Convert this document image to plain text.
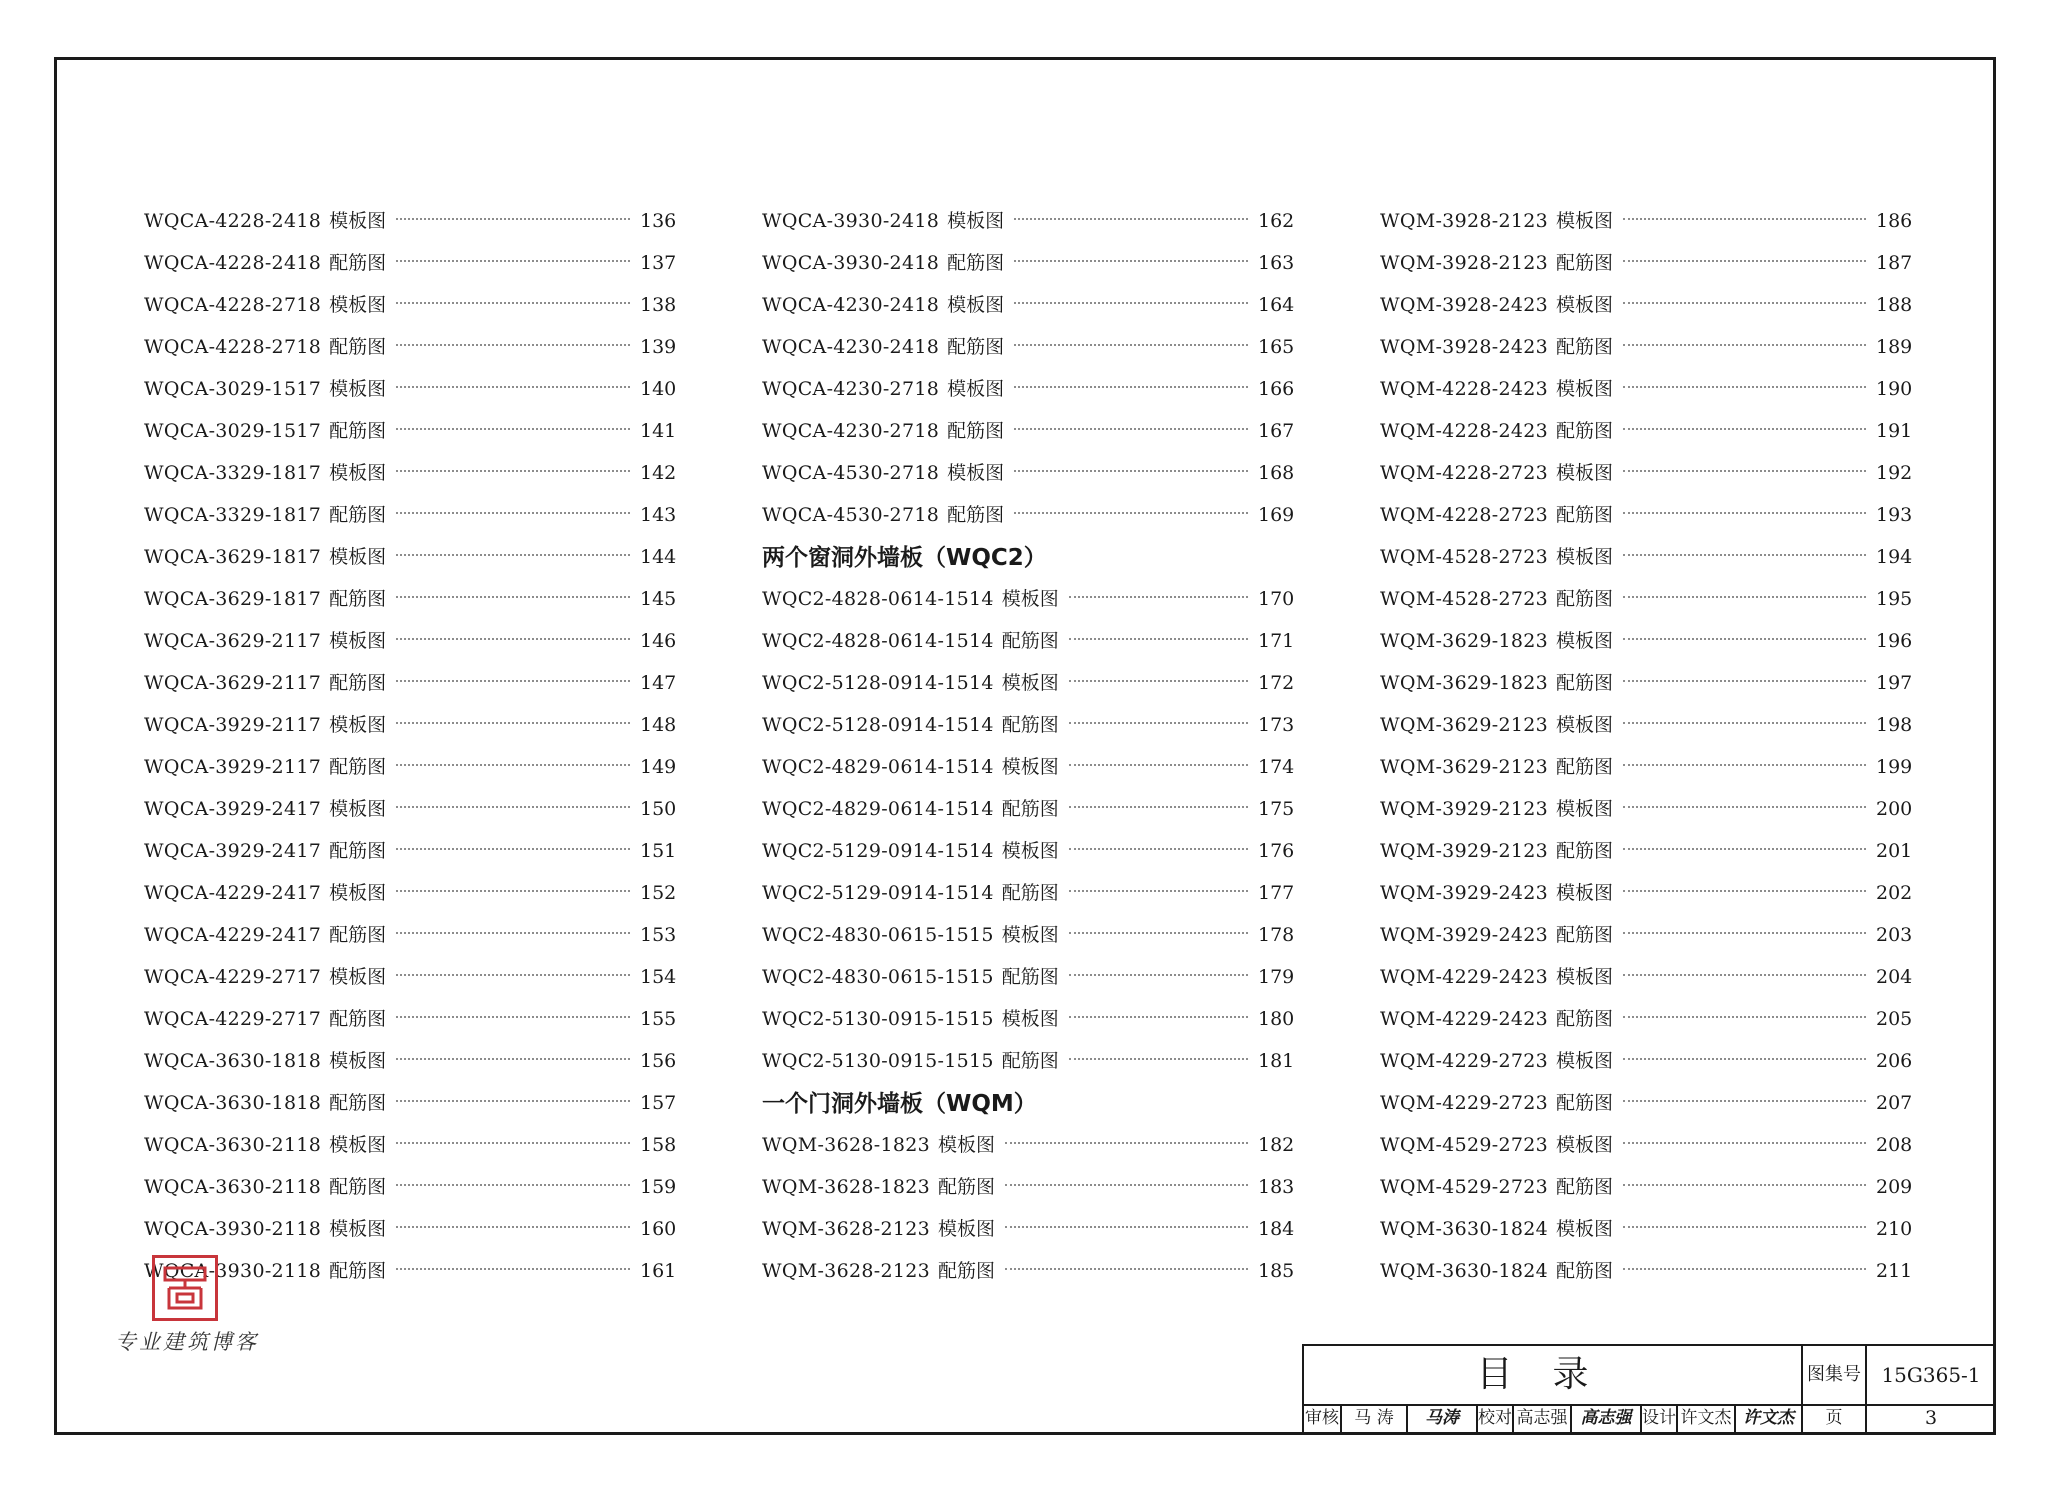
WQCA-4228-2418 模板图	136
WQCA-4228-2418 配筋图	137
WQCA-4228-2718 模板图	138
WQCA-4228-2718 配筋图	139
WQCA-3029-1517 模板图	140
WQCA-3029-1517 配筋图	141
WQCA-3329-1817 模板图	142
WQCA-3329-1817 配筋图	143
WQCA-3629-1817 模板图	144
WQCA-3629-1817 配筋图	145
WQCA-3629-2117 模板图	146
WQCA-3629-2117 配筋图	147
WQCA-3929-2117 模板图	148
WQCA-3929-2117 配筋图	149
WQCA-3929-2417 模板图	150
WQCA-3929-2417 配筋图	151
WQCA-4229-2417 模板图	152
WQCA-4229-2417 配筋图	153
WQCA-4229-2717 模板图	154
WQCA-4229-2717 配筋图	155
WQCA-3630-1818 模板图	156
WQCA-3630-1818 配筋图	157
WQCA-3630-2118 模板图	158
WQCA-3630-2118 配筋图	159
WQCA-3930-2118 模板图	160
WQCA-3930-2118 配筋图	161
WQCA-3930-2418 模板图	162
WQCA-3930-2418 配筋图	163
WQCA-4230-2418 模板图	164
WQCA-4230-2418 配筋图	165
WQCA-4230-2718 模板图	166
WQCA-4230-2718 配筋图	167
WQCA-4530-2718 模板图	168
WQCA-4530-2718 配筋图	169
两个窗洞外墙板（WQC2）
WQC2-4828-0614-1514 模板图	170
WQC2-4828-0614-1514 配筋图	171
WQC2-5128-0914-1514 模板图	172
WQC2-5128-0914-1514 配筋图	173
WQC2-4829-0614-1514 模板图	174
WQC2-4829-0614-1514 配筋图	175
WQC2-5129-0914-1514 模板图	176
WQC2-5129-0914-1514 配筋图	177
WQC2-4830-0615-1515 模板图	178
WQC2-4830-0615-1515 配筋图	179
WQC2-5130-0915-1515 模板图	180
WQC2-5130-0915-1515 配筋图	181
一个门洞外墙板（WQM）
WQM-3628-1823 模板图	182
WQM-3628-1823 配筋图	183
WQM-3628-2123 模板图	184
WQM-3628-2123 配筋图	185
WQM-3928-2123 模板图	186
WQM-3928-2123 配筋图	187
WQM-3928-2423 模板图	188
WQM-3928-2423 配筋图	189
WQM-4228-2423 模板图	190
WQM-4228-2423 配筋图	191
WQM-4228-2723 模板图	192
WQM-4228-2723 配筋图	193
WQM-4528-2723 模板图	194
WQM-4528-2723 配筋图	195
WQM-3629-1823 模板图	196
WQM-3629-1823 配筋图	197
WQM-3629-2123 模板图	198
WQM-3629-2123 配筋图	199
WQM-3929-2123 模板图	200
WQM-3929-2123 配筋图	201
WQM-3929-2423 模板图	202
WQM-3929-2423 配筋图	203
WQM-4229-2423 模板图	204
WQM-4229-2423 配筋图	205
WQM-4229-2723 模板图	206
WQM-4229-2723 配筋图	207
WQM-4529-2723 模板图	208
WQM-4529-2723 配筋图	209
WQM-3630-1824 模板图	210
WQM-3630-1824 配筋图	211
专业建筑博客
目录	图集号	15G365-1
审核 马 涛	马涛	校对 高志强 高志强 设计 许文杰 许文杰	页	3
